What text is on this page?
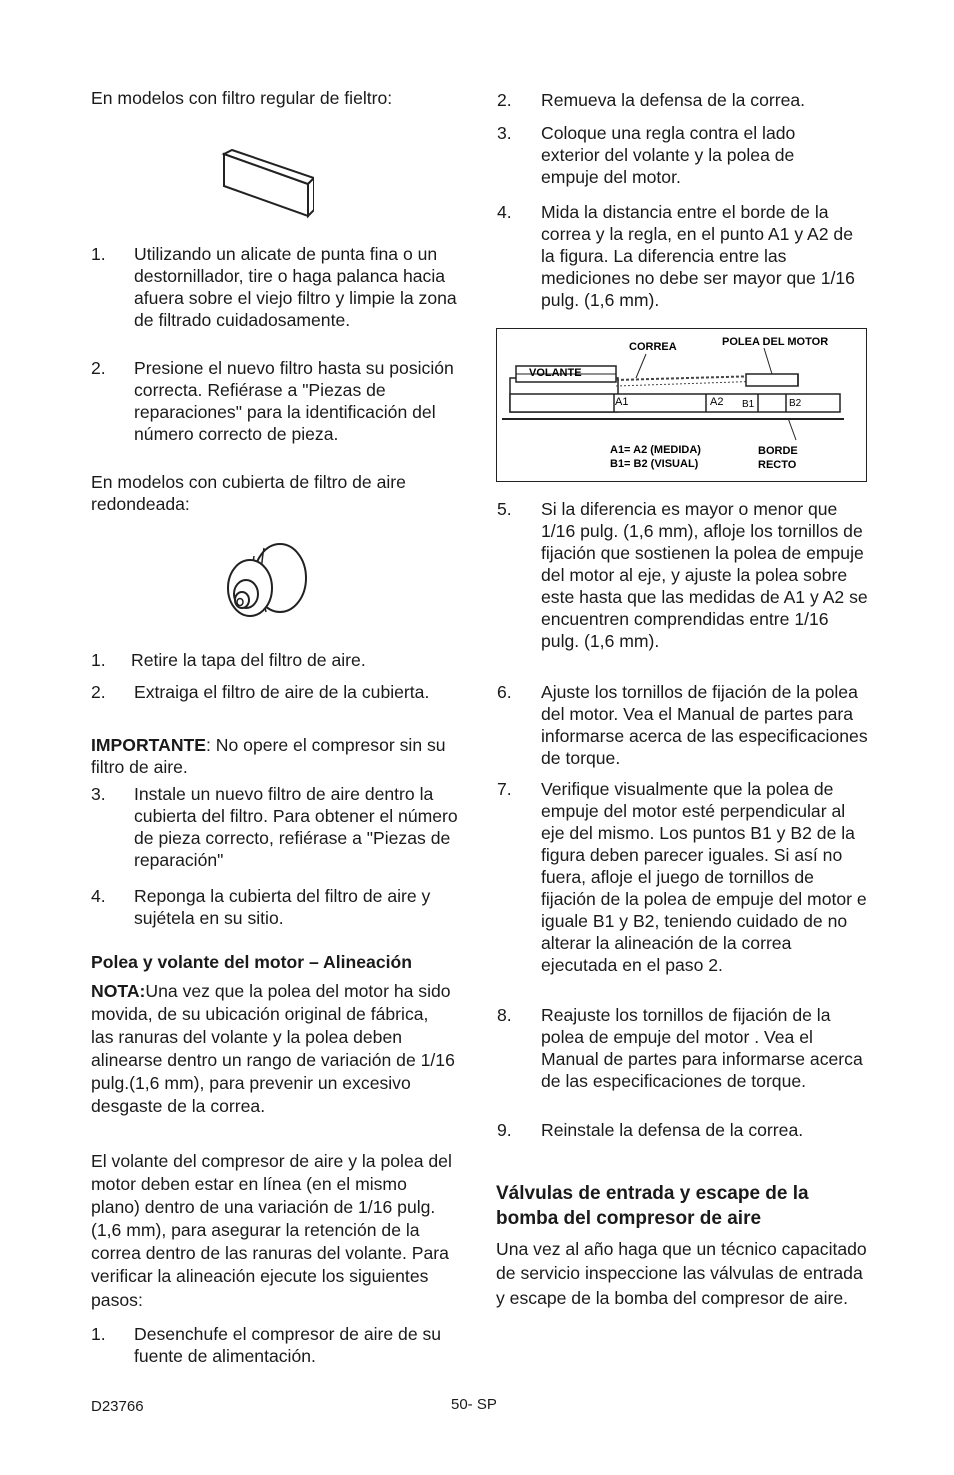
En modelos con filtro regular de fieltro:
1. Utilizando un alicate de punta fina o un destornillador, tire o haga palanca hacia afuera sobre el viejo filtro y limpie la zona de filtrado cuidadosamente.
2. Presione el nuevo filtro hasta su posición correcta. Refiérase a "Piezas de reparaciones" para la identificación del número correcto de pieza.
En modelos con cubierta de filtro de aire redondeada:
1. Retire la tapa del filtro de aire.
2. Extraiga el filtro de aire de la cubierta.
IMPORTANTE: No opere el compresor sin su filtro de aire.
3. Instale un nuevo filtro de aire dentro la cubierta del filtro. Para obtener el número de pieza correcto, refiérase a "Piezas de reparación"
4. Reponga la cubierta del filtro de aire y sujétela en su sitio.
Polea y volante del motor – Alineación
NOTA:Una vez que la polea del motor ha sido movida, de su ubicación original de fábrica, las ranuras del volante y la polea deben alinearse dentro un rango de variación de 1/16 pulg.(1,6 mm), para prevenir un excesivo desgaste de la correa.
El volante del compresor de aire y la polea del motor deben estar en línea (en el mismo plano) dentro de una variación de 1/16 pulg. (1,6 mm), para asegurar la retención de la correa dentro de las ranuras del volante. Para verificar la alineación ejecute los siguientes pasos:
1. Desenchufe el compresor de aire de su fuente de alimentación.
2. Remueva la defensa de la correa.
3. Coloque una regla contra el lado exterior del volante y la polea de empuje del motor.
4. Mida la distancia entre el borde de la correa y la regla, en el punto A1 y A2 de la figura. La diferencia entre las mediciones no debe ser mayor que 1/16 pulg. (1,6 mm).
CORREA	POLEA DEL MOTOR
VOLANTE
A1	A2 B1	B2
A1= A2 (MEDIDA)
B1= B2 (VISUAL)
BORDE
RECTO
5. Si la diferencia es mayor o menor que 1/16 pulg. (1,6 mm), afloje los tornillos de fijación que sostienen la polea de empuje del motor al eje, y ajuste la polea sobre este hasta que las medidas de A1 y A2 se encuentren comprendidas entre 1/16 pulg. (1,6 mm).
6. Ajuste los tornillos de fijación de la polea del motor. Vea el Manual de partes para informarse acerca de las especificaciones de torque.
7. Verifique visualmente que la polea de empuje del motor esté perpendicular al eje del mismo. Los puntos B1 y B2 de la figura deben parecer iguales. Si así no fuera, afloje el juego de tornillos de fijación de la polea de empuje del motor e iguale B1 y B2, teniendo cuidado de no alterar la alineación de la correa ejecutada en el paso 2.
8. Reajuste los tornillos de fijación de la polea de empuje del motor . Vea el Manual de partes para informarse acerca de las especificaciones de torque.
9. Reinstale la defensa de la correa.
Válvulas de entrada y escape de la bomba del compresor de aire
Una vez al año haga que un técnico capacitado de servicio inspeccione las válvulas de entrada y escape de la bomba del compresor de aire.
D23766	50- SP
